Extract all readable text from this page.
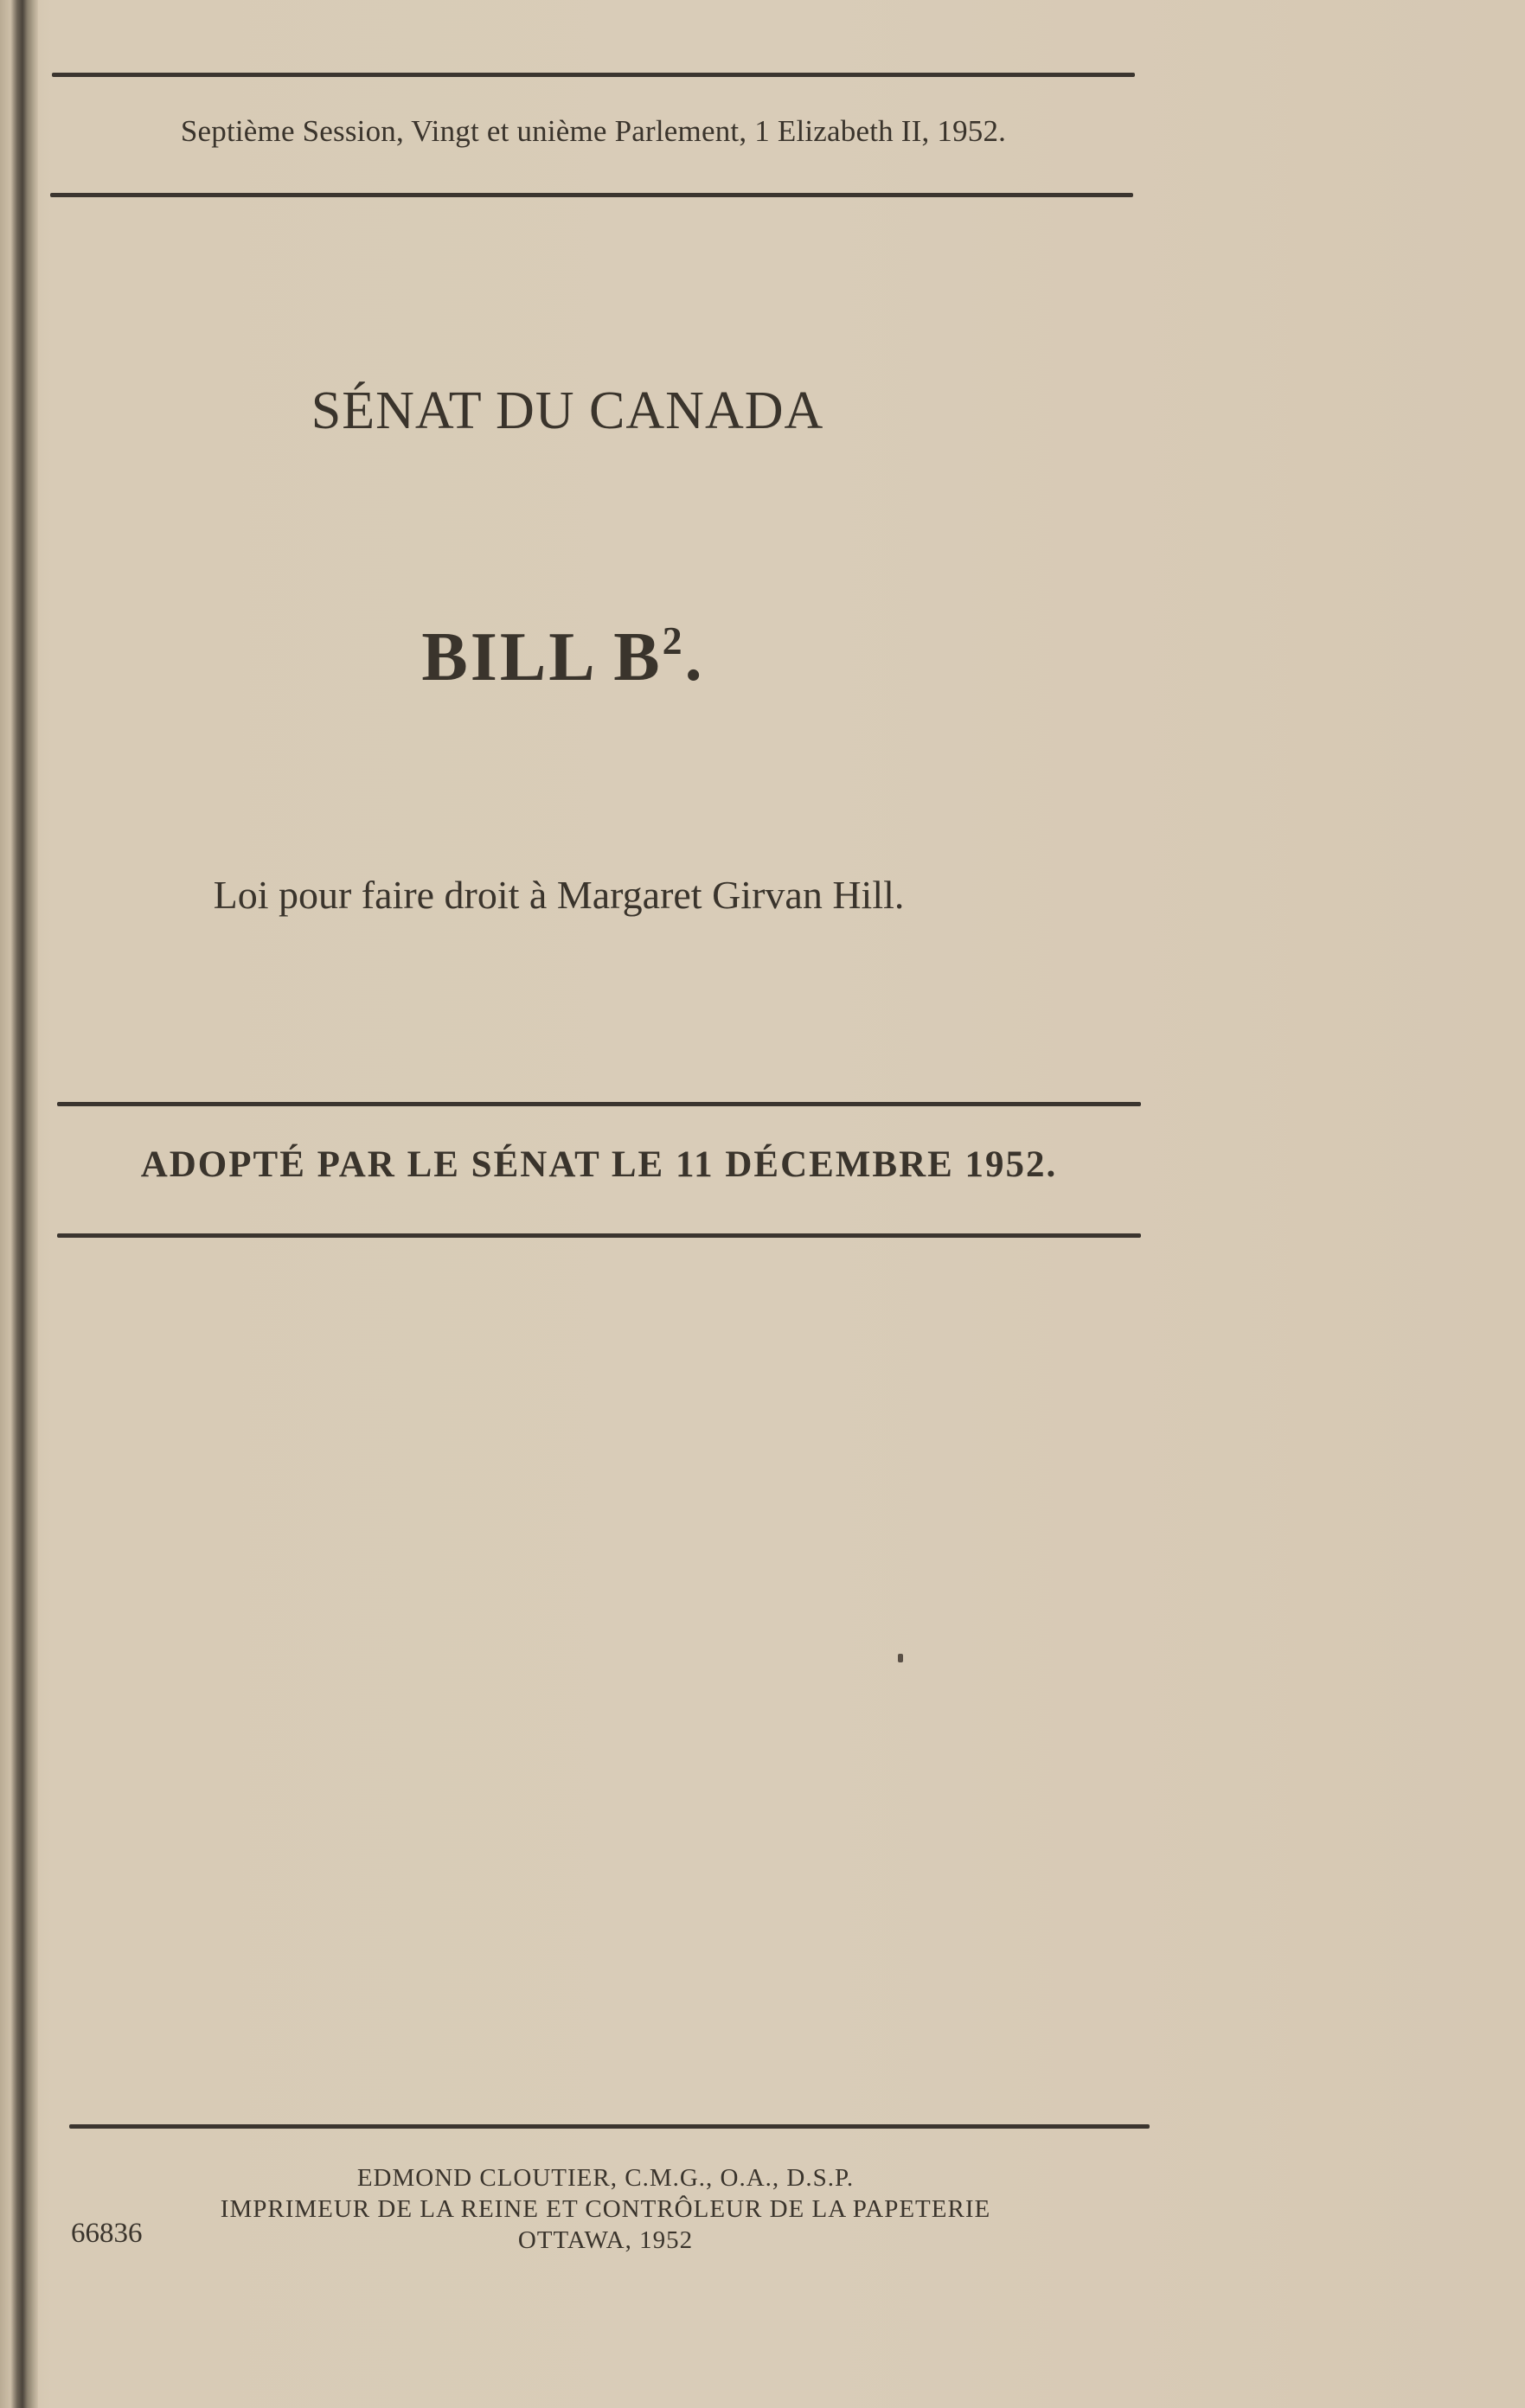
Septième Session, Vingt et unième Parlement, 1 Elizabeth II, 1952.
SÉNAT DU CANADA
BILL $B^2$.
Loi pour faire droit à Margaret Girvan Hill.
ADOPTÉ PAR LE SÉNAT LE 11 DÉCEMBRE 1952.
EDMOND CLOUTIER, C.M.G., O.A., D.S.P.
IMPRIMEUR DE LA REINE ET CONTRÔLEUR DE LA PAPETERIE
OTTAWA, 1952
66836
